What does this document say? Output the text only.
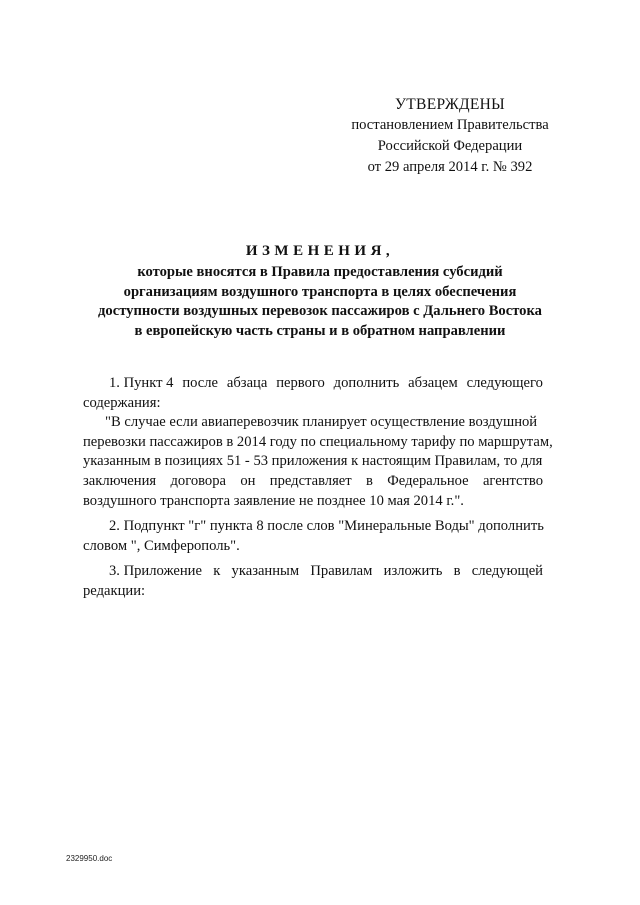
УТВЕРЖДЕНЫ
постановлением Правительства
Российской Федерации
от 29 апреля 2014 г. № 392
ИЗМЕНЕНИЯ,
которые вносятся в Правила предоставления субсидий
организациям воздушного транспорта в целях обеспечения
доступности воздушных перевозок пассажиров с Дальнего Востока
в европейскую часть страны и в обратном направлении
1. Пункт 4 после абзаца первого дополнить абзацем следующего
содержания:
"В случае если авиаперевозчик планирует осуществление воздушной
перевозки пассажиров в 2014 году по специальному тарифу по маршрутам,
указанным в позициях 51 - 53 приложения к настоящим Правилам, то для
заключения договора он представляет в Федеральное агентство
воздушного транспорта заявление не позднее 10 мая 2014 г.".
2. Подпункт "г" пункта 8 после слов "Минеральные Воды" дополнить
словом ", Симферополь".
3. Приложение к указанным Правилам изложить в следующей
редакции:
2329950.doc
